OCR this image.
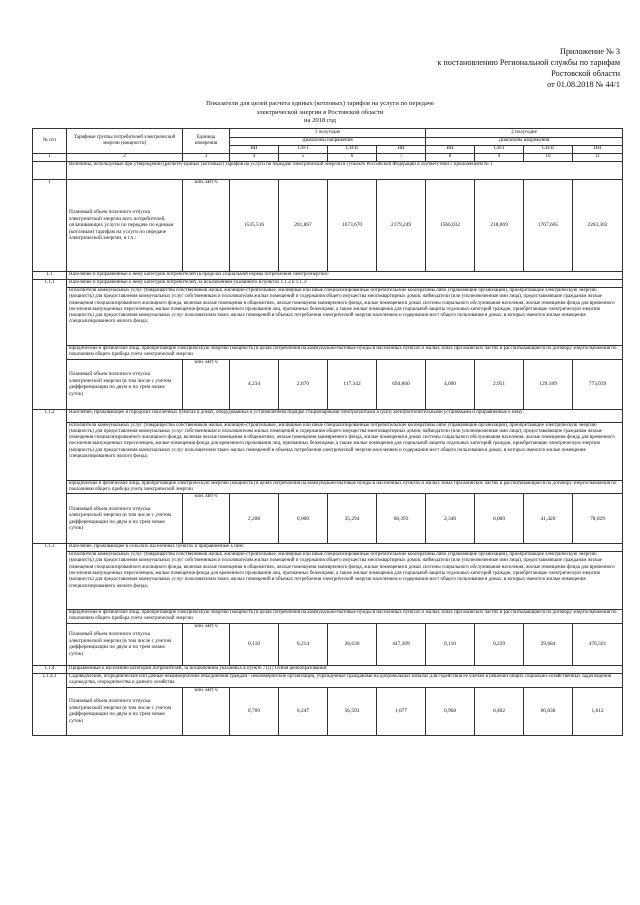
Приложение № 3
к постановлению Региональной службы по тарифам
Ростовской области
от 01.08.2018 № 44/1
Показатели для целей расчета единых (котловых) тарифов на услуги по передаче
электрической энергии в Ростовской области
на 2018 год
№ п/п	Тарифные группы потребителей электрической энергии (мощности)	Единица измерения	1 полугодие				2 полугодие			
			Диапазоны напряжения				Диапазоны напряжения			
			ВН	СН-I	СН-II	НН	ВН	СН-I	СН-II	НН
1	2	3	4	5	6	7	8	9	10	11
	Величины, используемые при утверждении (расчете) единых (котловых) тарифов на услуги по передаче электрической энергии в субъекте Российской Федерации в соответствии с приложением № 1									
1	Плановый объем полезного отпуска электрической энергии всех потребителей, оплачивающих услуги по передаче по единым (котловым) тарифам на услуги по передаче электрической энергии, в т.ч.:	млн. кВт·ч	1535,516	201,867	1673,670	2179,249	1566,032	218,069	1767,665	2263,302
1.1	Население и приравненные к нему категории потребителей (в пределах социальной нормы потребления электроэнергии):									
1.1.1	Население и приравненные к нему категории потребителей, за исключением указанного в пунктах 1.1.2 и 1.1.3:									
	исполнители коммунальных услуг (товарищества собственников жилья, жилищно-строительные, жилищные или иные специализированные потребительские кооперативы либо управляющие организации), приобретающие электрическую энергию (мощность) для предоставления коммунальных услуг собственникам и пользователям жилых помещений и содержания общего имущества многоквартирных домов; наймодатели (или уполномоченные ими лица), предоставляющие гражданам жилые помещения специализированного жилищного фонда, включая жилые помещения в общежитиях, жилые помещения маневренного фонда, жилые помещения в домах системы социального обслуживания населения, жилые помещения фонда для временного поселения вынужденных переселенцев, жилые помещения фонда для временного проживания лиц, признанных беженцами, а также жилые помещения для социальной защиты отдельных категорий граждан, приобретающие электрическую энергию (мощность) для предоставления коммунальных услуг пользователям таких жилых помещений в объемах потребления электрической энергии населением и содержания мест общего пользования в домах, в которых имеются жилые помещения специализированного жилого фонда;									
	юридические и физические лица, приобретающие электрическую энергию (мощность) в целях потребления на коммунально-бытовые нужды в населенных пунктах и жилых зонах при воинских частях и рассчитывающиеся по договору энергоснабжения по показаниям общего прибора учета электрической энергии									
	Плановый объем полезного отпуска электрической энергии (в том числе с учетом дифференциации по двум и по трем зонам суток)	млн. кВт·ч	4,234	2,870	117,342	694,860	4,090	2,951	129,189	773,039
1.1.2	Население, проживающее в городских населенных пунктах в домах, оборудованных в установленном порядке стационарными электроплитами и (или) электроотопительными установками и приравненные к нему:									
	исполнители коммунальных услуг (товарищества собственников жилья, жилищно-строительные, жилищные или иные специализированные потребительские кооперативы либо управляющие организации), приобретающие электрическую энергию (мощность) для предоставления коммунальных услуг собственникам и пользователям жилых помещений и содержания общего имущества многоквартирных домов; наймодатели (или уполномоченные ими лица), предоставляющие гражданам жилые помещения специализированного жилищного фонда, включая жилые помещения в общежитиях, жилые помещения маневренного фонда, жилые помещения в домах системы социального обслуживания населения, жилые помещения фонда для временного поселения вынужденных переселенцев, жилые помещения фонда для временного проживания лиц, признанных беженцами, а также жилые помещения для социальной защиты отдельных категорий граждан, приобретающие электрическую энергию (мощность) для предоставления коммунальных услуг пользователям таких жилых помещений в объемах потребления электрической энергии населением и содержания мест общего пользования в домах, в которых имеются жилые помещения специализированного жилого фонда;									
	юридические и физические лица, приобретающие электрическую энергию (мощность) в целях потребления на коммунально-бытовые нужды в населенных пунктах и жилых зонах при воинских частях и рассчитывающиеся по договору энергоснабжения по показаниям общего прибора учета электрической энергии									
	Плановый объем полезного отпуска электрической энергии (в том числе с учетом дифференциации по двум и по трем зонам суток)	млн. кВт·ч	2,208	0,000	35,294	68,393	2,340	0,000	41,420	78,029
1.1.3	Население, проживающее в сельских населенных пунктах и приравненные к ним:									
	исполнители коммунальных услуг (товарищества собственников жилья, жилищно-строительные, жилищные или иные специализированные потребительские кооперативы либо управляющие организации), приобретающие электрическую энергию (мощность) для предоставления коммунальных услуг собственникам и пользователям жилых помещений и содержания общего имущества многоквартирных домов; наймодатели (или уполномоченные ими лица), предоставляющие гражданам жилые помещения специализированного жилищного фонда, включая жилые помещения в общежитиях, жилые помещения маневренного фонда, жилые помещения в домах системы социального обслуживания населения, жилые помещения фонда для временного поселения вынужденных переселенцев, жилые помещения фонда для временного проживания лиц, признанных беженцами, а также жилые помещения для социальной защиты отдельных категорий граждан, приобретающие электрическую энергию (мощность) для предоставления коммунальных услуг пользователям таких жилых помещений в объемах потребления электрической энергии населением и содержания мест общего пользования в домах, в которых имеются жилые помещения специализированного жилого фонда;									
	юридические и физические лица, приобретающие электрическую энергию (мощность) в целях потребления на коммунально-бытовые нужды в населенных пунктах и жилых зонах при воинских частях и рассчитывающиеся по договору энергоснабжения по показаниям общего прибора учета электрической энергии									
	Плановый объем полезного отпуска электрической энергии (в том числе с учетом дифференциации по двум и по трем зонам суток)	млн. кВт·ч	0,110	0,214	26,636	447,309	0,110	0,229	29,684	476,501
1.1.4	Приравненные к населению категории потребителей, за исключением указанных в пункте 71(1) Основ ценообразования:									
1.1.4.1	Садоводческие, огороднические или дачные некоммерческие объединения граждан - некоммерческие организации, учрежденные гражданами на добровольных началах для содействия ее членам в решении общих социально-хозяйственных задач ведения садоводства, огородничества и дачного хозяйства									
	Плановый объем полезного отпуска электрической энергии (в том числе с учетом дифференциации по двум и по трем зонам суток)	млн. кВт·ч	0,709	0,247	56,593	1,677	0,968	0,402	60,838	1,612
